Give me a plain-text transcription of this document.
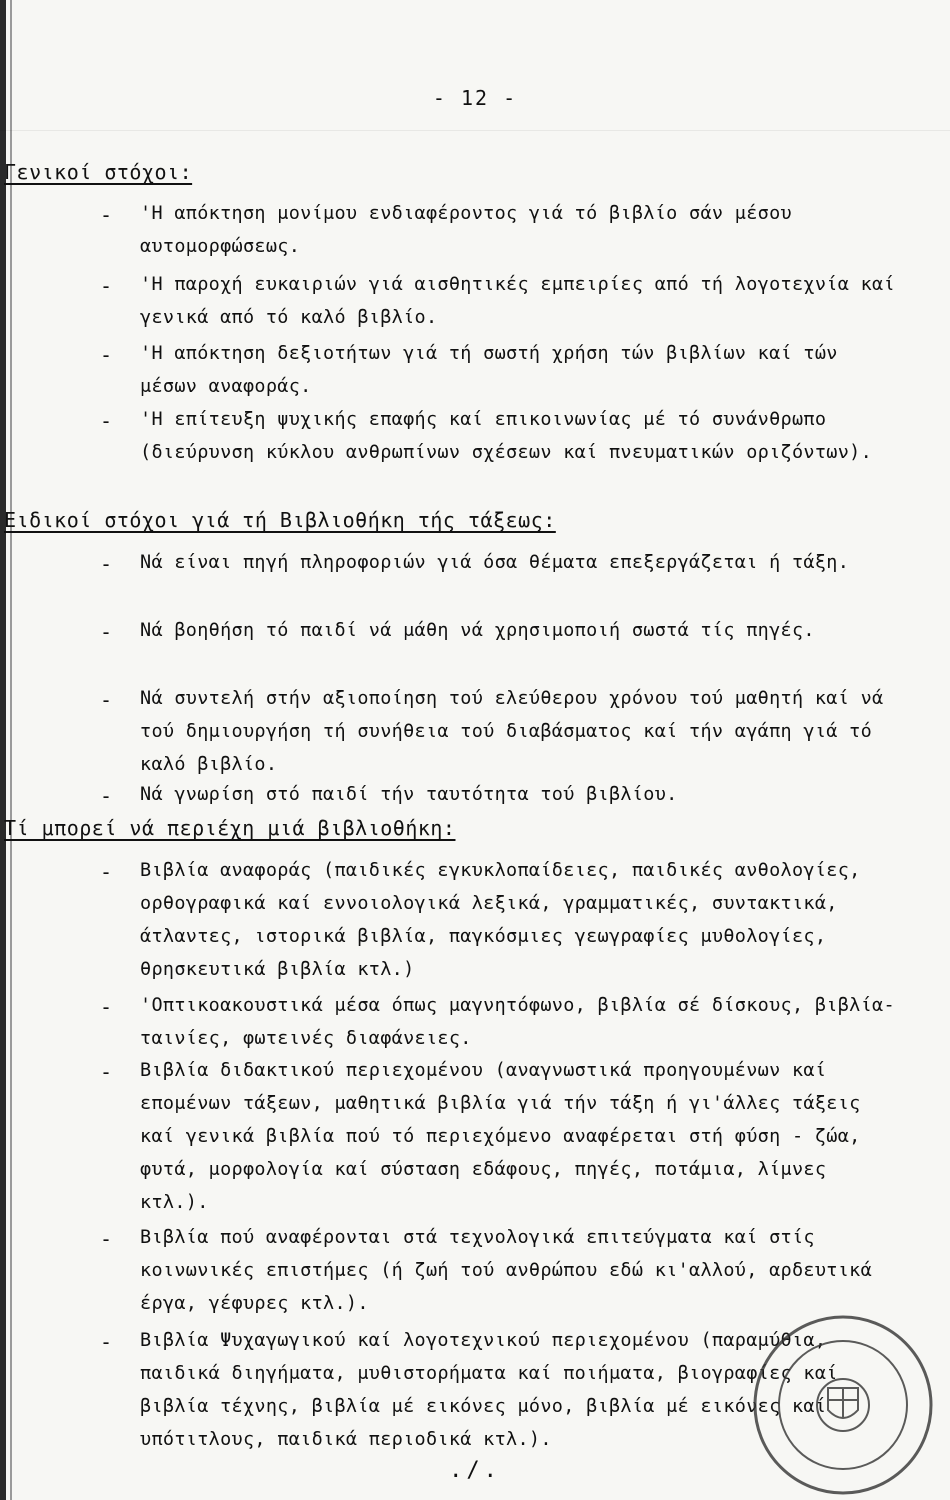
- 12 -
Γενικοί στόχοι:
- 'Η απόκτηση μονίμου ενδιαφέροντος γιά τό βιβλίο σάν μέσου αυτομορφώσεως.
- 'Η παροχή ευκαιριών γιά αισθητικές εμπειρίες από τή λογοτεχνία καί γενικά από τό καλό βιβλίο.
- 'Η απόκτηση δεξιοτήτων γιά τή σωστή χρήση τών βιβλίων καί τών μέσων αναφοράς.
- 'Η επίτευξη ψυχικής επαφής καί επικοινωνίας μέ τό συνάνθρωπο (διεύρυνση κύκλου ανθρωπίνων σχέσεων καί πνευματικών οριζόντων).
Ειδικοί στόχοι γιά τή Βιβλιοθήκη τής τάξεως:
- Νά είναι πηγή πληροφοριών γιά όσα θέματα επεξεργάζεται ή τάξη.
- Νά βοηθήση τό παιδί νά μάθη νά χρησιμοποιή σωστά τίς πηγές.
- Νά συντελή στήν αξιοποίηση τού ελεύθερου χρόνου τού μαθητή καί νά τού δημιουργήση τή συνήθεια τού διαβάσματος καί τήν αγάπη γιά τό καλό βιβλίο.
- Νά γνωρίση στό παιδί τήν ταυτότητα τού βιβλίου.
Τί μπορεί νά περιέχη μιά βιβλιοθήκη:
- Βιβλία αναφοράς (παιδικές εγκυκλοπαίδειες, παιδικές ανθολογίες, ορθογραφικά καί εννοιολογικά λεξικά, γραμματικές, συντακτικά, άτλαντες, ιστορικά βιβλία, παγκόσμιες γεωγραφίες μυθολογίες, θρησκευτικά βιβλία κτλ.)
- 'Οπτικοακουστικά μέσα όπως μαγνητόφωνο, βιβλία σέ δίσκους, βιβλία-ταινίες, φωτεινές διαφάνειες.
- Βιβλία διδακτικού περιεχομένου (αναγνωστικά προηγουμένων καί επομένων τάξεων, μαθητικά βιβλία γιά τήν τάξη ή γι'άλλες τάξεις καί γενικά βιβλία πού τό περιεχόμενο αναφέρεται στή φύση - ζώα, φυτά, μορφολογία καί σύσταση εδάφους, πηγές, ποτάμια, λίμνες κτλ.).
- Βιβλία πού αναφέρονται στά τεχνολογικά επιτεύγματα καί στίς κοινωνικές επιστήμες (ή ζωή τού ανθρώπου εδώ κι'αλλού, αρδευτικά έργα, γέφυρες κτλ.).
- Βιβλία Ψυχαγωγικού καί λογοτεχνικού περιεχομένου (παραμύθια, παιδικά διηγήματα, μυθιστορήματα καί ποιήματα, βιογραφίες καί βιβλία τέχνης, βιβλία μέ εικόνες μόνο, βιβλία μέ εικόνες καί υπότιτλους, παιδικά περιοδικά κτλ.).
./.
